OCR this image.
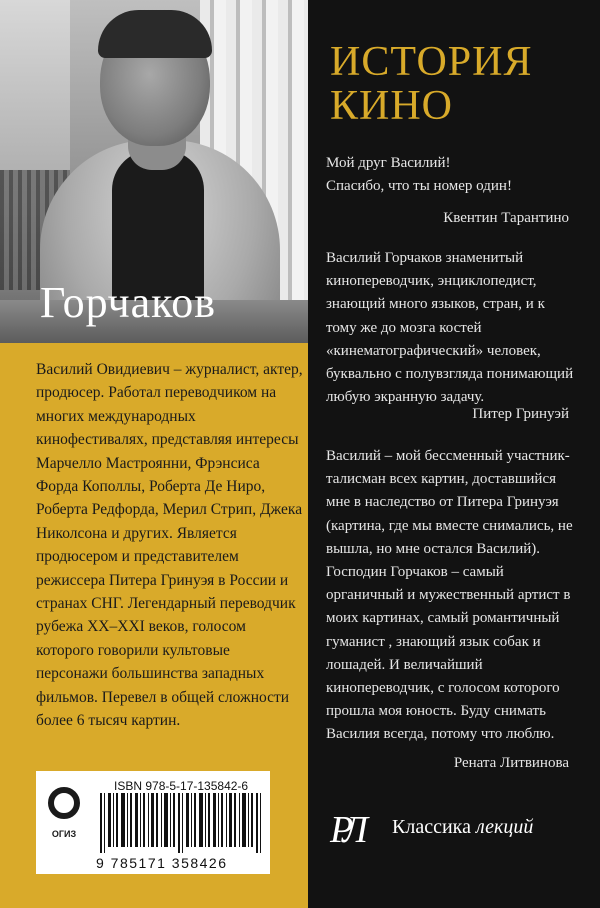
Горчаков

Василий Овидиевич – журналист, актер, продюсер. Работал переводчиком на многих международных кинофестивалях, представляя интересы Марчелло Мастроянни, Фрэнсиса Форда Кополлы, Роберта Де Ниро, Роберта Редфорда, Мерил Стрип, Джека Николсона и других. Является продюсером и представителем режиссера Питера Гринуэя в России и странах СНГ. Легендарный переводчик рубежа XX–XXI веков, голосом которого говорили культовые персонажи большинства западных фильмов. Перевел в общей сложности более 6 тысяч картин.

ОГИЗ
ISBN 978-5-17-135842-6
9 785171 358426
ИСТОРИЯ
КИНО

Мой друг Василий!
Спасибо, что ты номер один!

Квентин Тарантино

Василий Горчаков знаменитый кинопереводчик, энциклопедист, знающий много языков, стран, и к тому же до мозга костей «кинематографический» человек, буквально с полувзгляда понимающий любую экранную задачу.

Питер Гринуэй

Василий – мой бессменный участник-талисман всех картин, доставшийся мне в наследство от Питера Гринуэя (картина, где мы вместе снимались, не вышла, но мне остался Василий). Господин Горчаков – самый органичный и мужественный артист в моих картинах, самый романтичный гуманист , знающий язык собак и лошадей. И величайший кинопереводчик, с голосом которого прошла моя юность. Буду снимать Василия всегда, потому что люблю.

Рената Литвинова

РЛ Классика лекций
